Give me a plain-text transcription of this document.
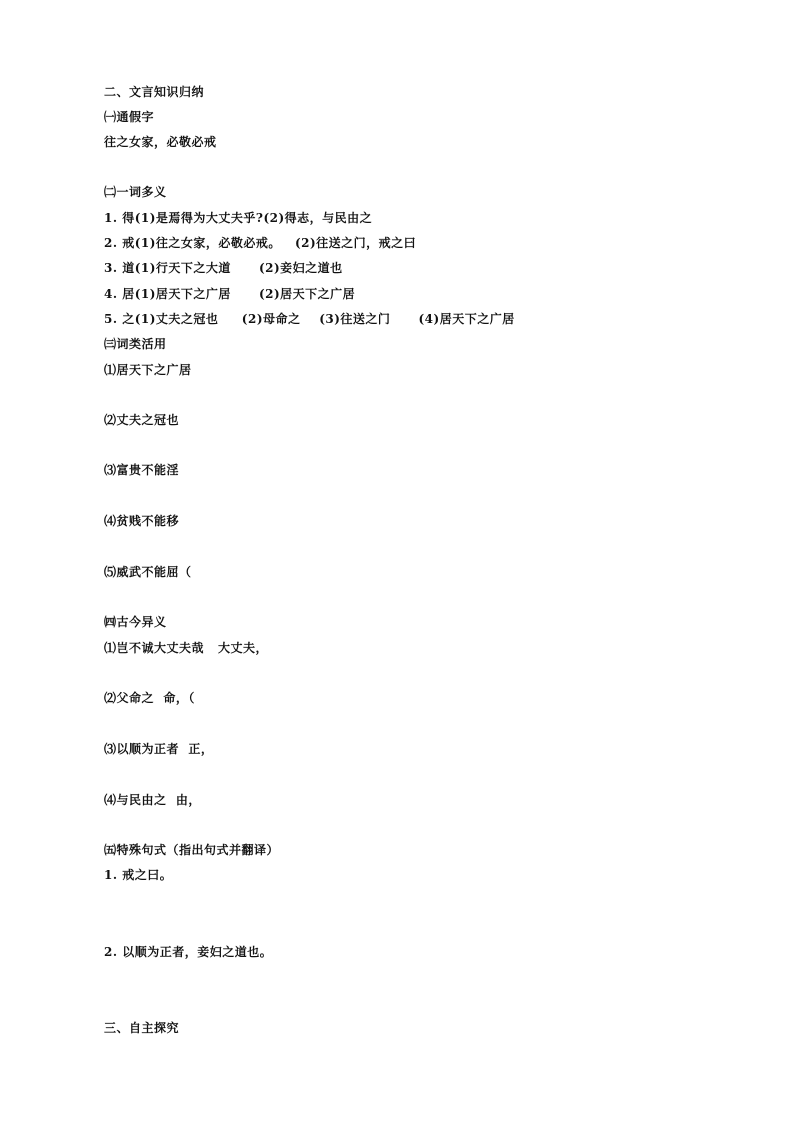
二、文言知识归纳
㈠通假字
往之女家，必敬必戒
㈡一词多义
1. 得(1)是焉得为大丈夫乎?(2)得志，与民由之
2. 戒(1)往之女家，必敬必戒。   (2)往送之门，戒之曰
3. 道(1)行天下之大道      (2)妾妇之道也
4. 居(1)居天下之广居      (2)居天下之广居
5. 之(1)丈夫之冠也     (2)母命之    (3)往送之门      (4)居天下之广居
㈢词类活用
⑴居天下之广居
⑵丈夫之冠也
⑶富贵不能淫
⑷贫贱不能移
⑸威武不能屈（
㈣古今异义
⑴岂不诚大丈夫哉   大丈夫，
⑵父命之  命，（
⑶以顺为正者  正，
⑷与民由之  由，
㈤特殊句式（指出句式并翻译）
1. 戒之曰。
2. 以顺为正者，妾妇之道也。
三、自主探究
